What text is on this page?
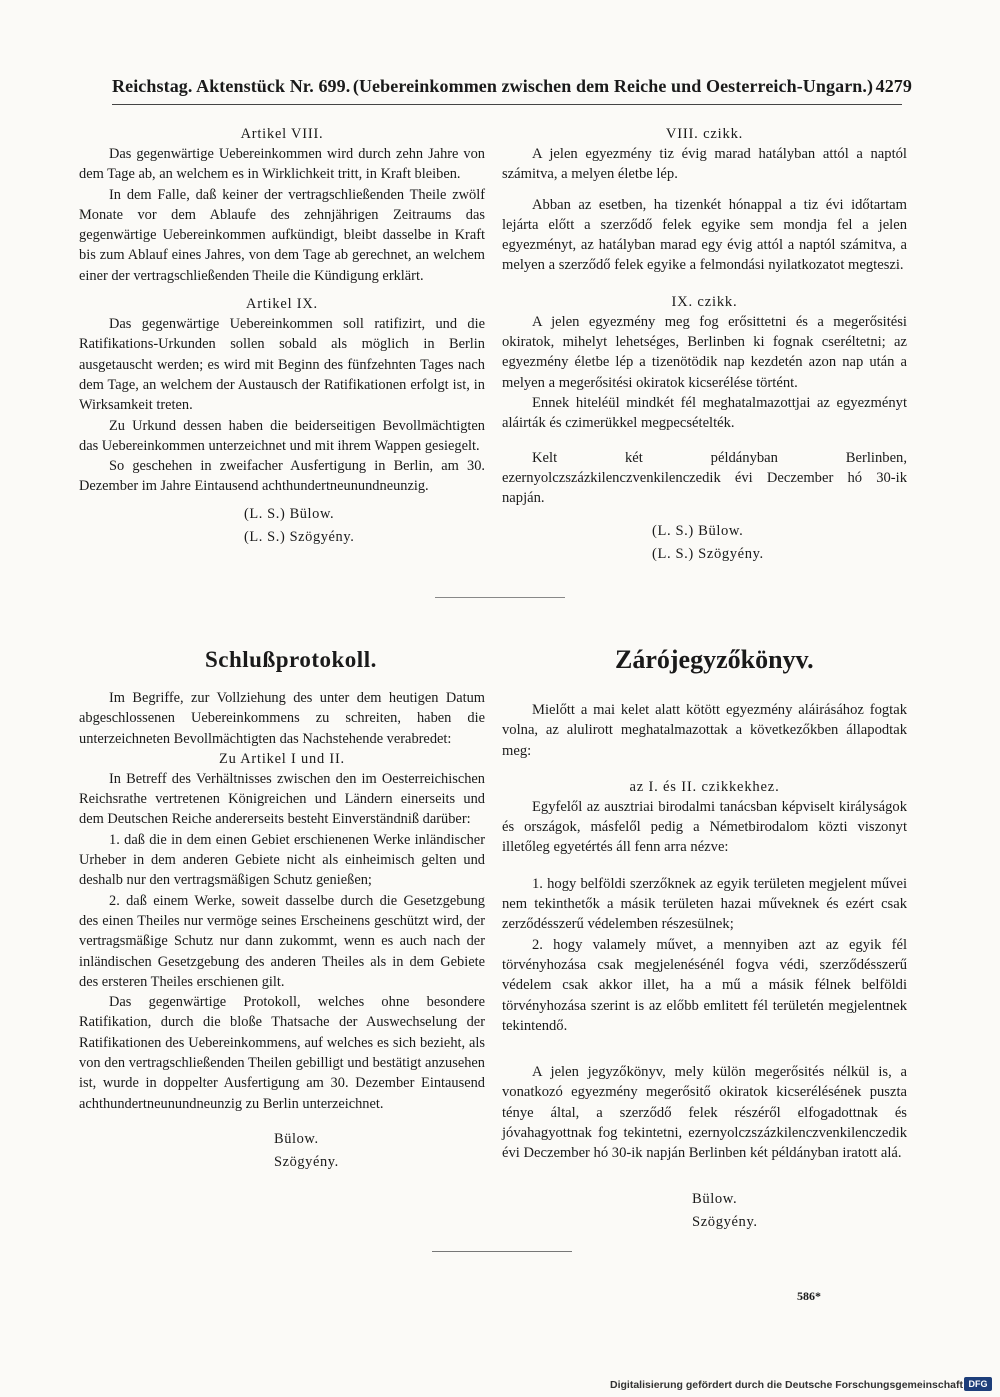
Reichstag. Aktenstück Nr. 699. (Uebereinkommen zwischen dem Reiche und Oesterreich-Ungarn.) 4279

Artikel VIII.

Das gegenwärtige Uebereinkommen wird durch zehn Jahre von dem Tage ab, an welchem es in Wirklichkeit tritt, in Kraft bleiben.

In dem Falle, daß keiner der vertragschließenden Theile zwölf Monate vor dem Ablaufe des zehnjährigen Zeitraums das gegenwärtige Uebereinkommen aufkündigt, bleibt dasselbe in Kraft bis zum Ablauf eines Jahres, von dem Tage ab gerechnet, an welchem einer der vertragschließenden Theile die Kündigung erklärt.

Artikel IX.

Das gegenwärtige Uebereinkommen soll ratifizirt, und die Ratifikations-Urkunden sollen sobald als möglich in Berlin ausgetauscht werden; es wird mit Beginn des fünfzehnten Tages nach dem Tage, an welchem der Austausch der Ratifikationen erfolgt ist, in Wirksamkeit treten.

Zu Urkund dessen haben die beiderseitigen Bevollmächtigten das Uebereinkommen unterzeichnet und mit ihrem Wappen gesiegelt.

So geschehen in zweifacher Ausfertigung in Berlin, am 30. Dezember im Jahre Eintausend achthundertneunundneunzig.

(L. S.) Bülow.

(L. S.) Szögyény.

VIII. czikk.

A jelen egyezmény tiz évig marad hatályban attól a naptól számitva, a melyen életbe lép.

Abban az esetben, ha tizenkét hónappal a tiz évi időtartam lejárta előtt a szerződő felek egyike sem mondja fel a jelen egyezményt, az hatályban marad egy évig attól a naptól számitva, a melyen a szerződő felek egyike a felmondási nyilatkozatot megteszi.

IX. czikk.

A jelen egyezmény meg fog erősittetni és a megerősitési okiratok, mihelyt lehetséges, Berlinben ki fognak cseréltetni; az egyezmény életbe lép a tizenötödik nap kezdetén azon nap után a melyen a megerősitési okiratok kicserélése történt.

Ennek hiteléül mindkét fél meghatalmazottjai az egyezményt aláirták és czimerükkel megpecsételték.

Kelt két példányban Berlinben, ezernyolczszázkilenczvenkilenczedik évi Deczember hó 30-ik napján.

(L. S.) Bülow.

(L. S.) Szögyény.

Schlußprotokoll.	Zárójegyzőkönyv.

Im Begriffe, zur Vollziehung des unter dem heutigen Datum abgeschlossenen Uebereinkommens zu schreiten, haben die unterzeichneten Bevollmächtigten das Nachstehende verabredet:

Zu Artikel I und II.

In Betreff des Verhältnisses zwischen den im Oesterreichischen Reichsrathe vertretenen Königreichen und Ländern einerseits und dem Deutschen Reiche andererseits besteht Einverständniß darüber:

1. daß die in dem einen Gebiet erschienenen Werke inländischer Urheber in dem anderen Gebiete nicht als einheimisch gelten und deshalb nur den vertragsmäßigen Schutz genießen;

2. daß einem Werke, soweit dasselbe durch die Gesetzgebung des einen Theiles nur vermöge seines Erscheinens geschützt wird, der vertragsmäßige Schutz nur dann zukommt, wenn es auch nach der inländischen Gesetzgebung des anderen Theiles als in dem Gebiete des ersteren Theiles erschienen gilt.

Das gegenwärtige Protokoll, welches ohne besondere Ratifikation, durch die bloße Thatsache der Auswechselung der Ratifikationen des Uebereinkommens, auf welches es sich bezieht, als von den vertragschließenden Theilen gebilligt und bestätigt anzusehen ist, wurde in doppelter Ausfertigung am 30. Dezember Eintausend achthundertneunundneunzig zu Berlin unterzeichnet.

Bülow.

Szögyény.

Mielőtt a mai kelet alatt kötött egyezmény aláirásához fogtak volna, az alulirott meghatalmazottak a következőkben állapodtak meg:

az I. és II. czikkekhez.

Egyfelől az ausztriai birodalmi tanácsban képviselt királyságok és országok, másfelől pedig a Németbirodalom közti viszonyt illetőleg egyetértés áll fenn arra nézve:

1. hogy belföldi szerzőknek az egyik területen megjelent művei nem tekinthetők a másik területen hazai műveknek és ezért csak zerződésszerű védelemben részesülnek;

2. hogy valamely művet, a mennyiben azt az egyik fél törvényhozása csak megjelenésénél fogva védi, szerződésszerű védelem csak akkor illet, ha a mű a másik félnek belföldi törvényhozása szerint is az előbb emlitett fél területén megjelentnek tekintendő.

A jelen jegyzőkönyv, mely külön megerősités nélkül is, a vonatkozó egyezmény megerősitő okiratok kicserélésének puszta ténye által, a szerződő felek részéről elfogadottnak és jóvahagyottnak fog tekintetni, ezernyolczszázkilenczvenkilenczedik évi Deczember hó 30-ik napján Berlinben két példányban iratott alá.

Bülow.

Szögyény.

586*
Digitalisierung gefördert durch die Deutsche Forschungsgemeinschaft DFG
